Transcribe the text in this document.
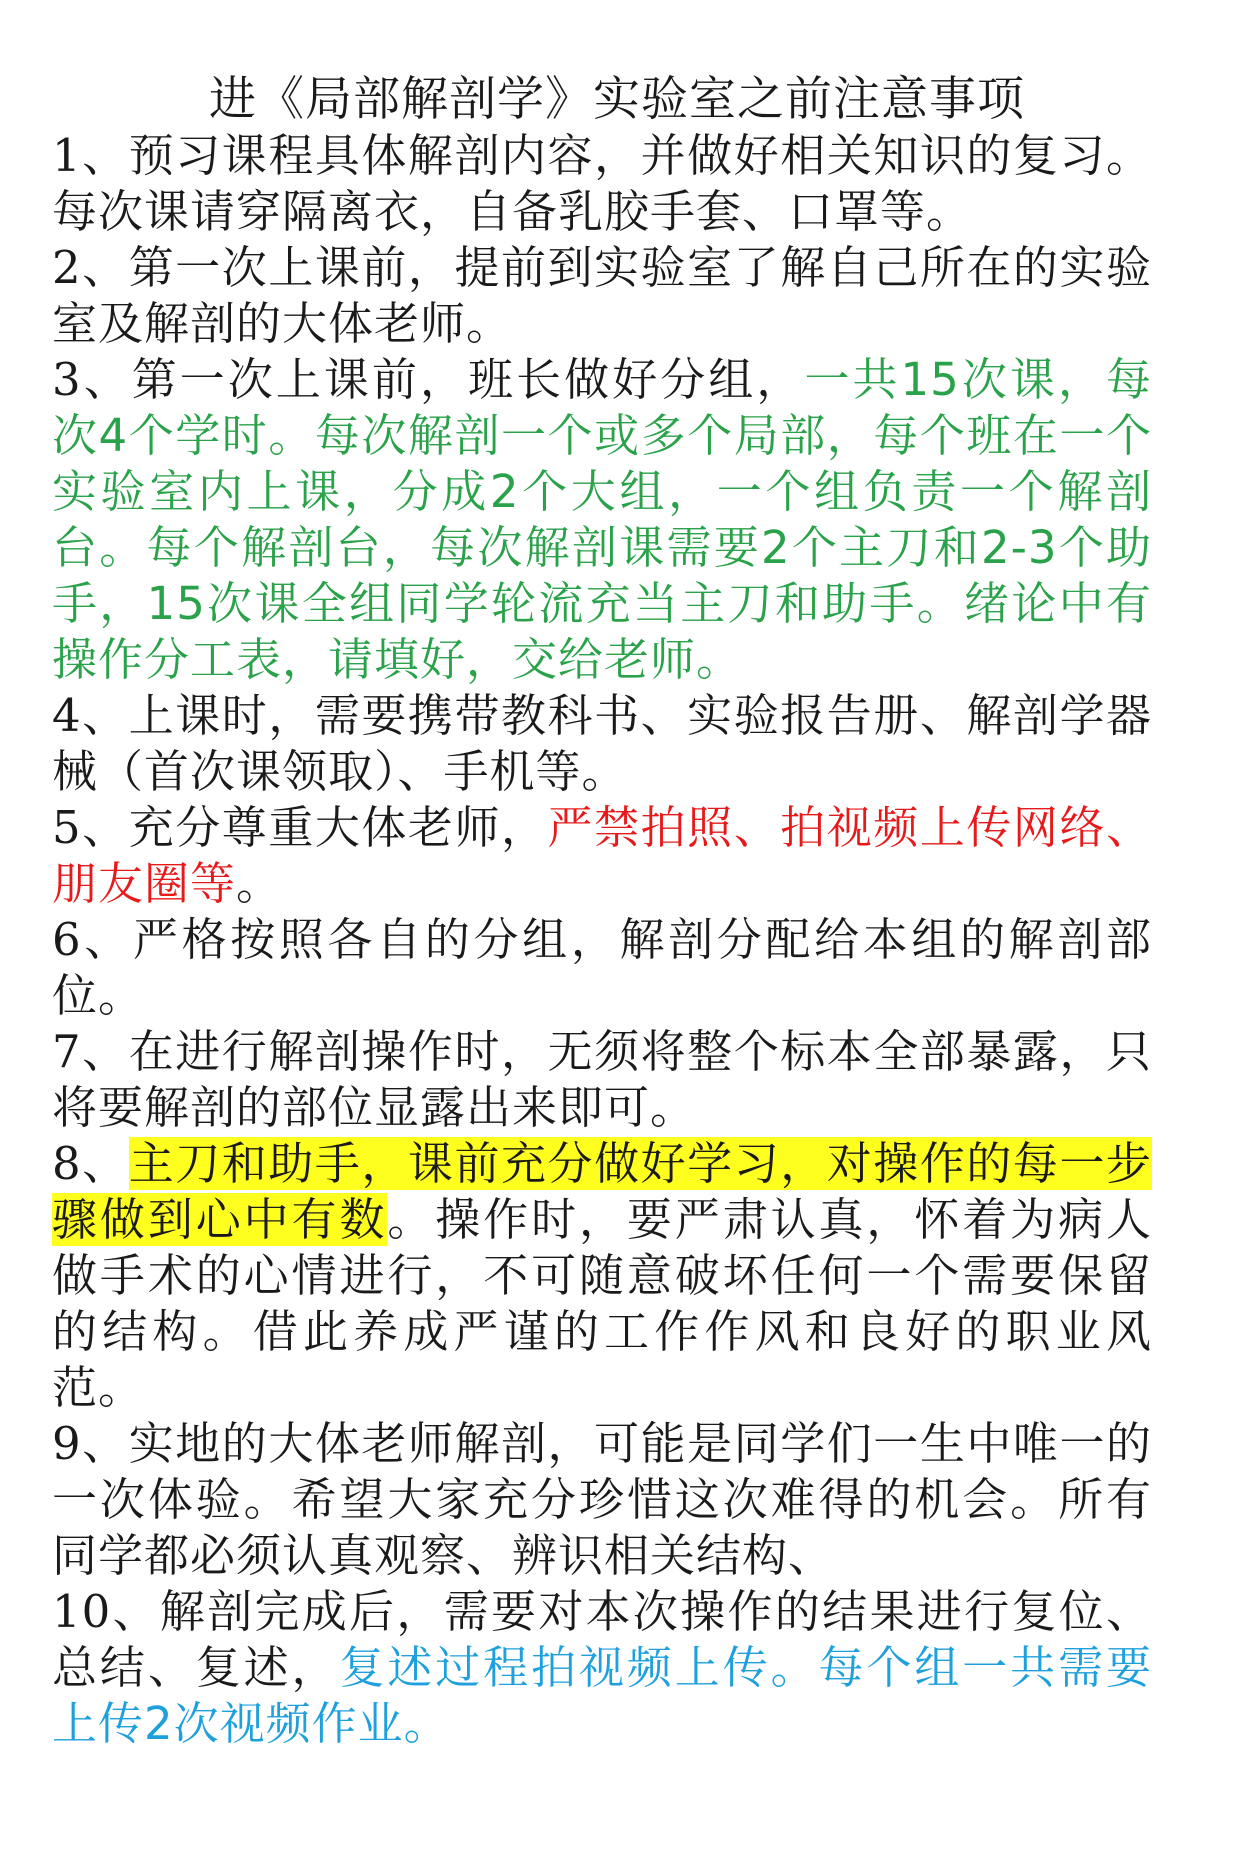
进《局部解剖学》实验室之前注意事项

1、预习课程具体解剖内容，并做好相关知识的复习。每次课请穿隔离衣，自备乳胶手套、口罩等。

2、第一次上课前，提前到实验室了解自己所在的实验室及解剖的大体老师。

3、第一次上课前，班长做好分组，一共15次课，每次4个学时。每次解剖一个或多个局部，每个班在一个实验室内上课，分成2个大组，一个组负责一个解剖台。每个解剖台，每次解剖课需要2个主刀和2-3个助手，15次课全组同学轮流充当主刀和助手。绪论中有操作分工表，请填好，交给老师。

4、上课时，需要携带教科书、实验报告册、解剖学器械（首次课领取）、手机等。

5、充分尊重大体老师，严禁拍照、拍视频上传网络、朋友圈等。

6、严格按照各自的分组，解剖分配给本组的解剖部位。

7、在进行解剖操作时，无须将整个标本全部暴露，只将要解剖的部位显露出来即可。

8、主刀和助手，课前充分做好学习，对操作的每一步骤做到心中有数。操作时，要严肃认真，怀着为病人做手术的心情进行，不可随意破坏任何一个需要保留的结构。借此养成严谨的工作作风和良好的职业风范。

9、实地的大体老师解剖，可能是同学们一生中唯一的一次体验。希望大家充分珍惜这次难得的机会。所有同学都必须认真观察、辨识相关结构、

10、解剖完成后，需要对本次操作的结果进行复位、总结、复述，复述过程拍视频上传。每个组一共需要上传2次视频作业。
